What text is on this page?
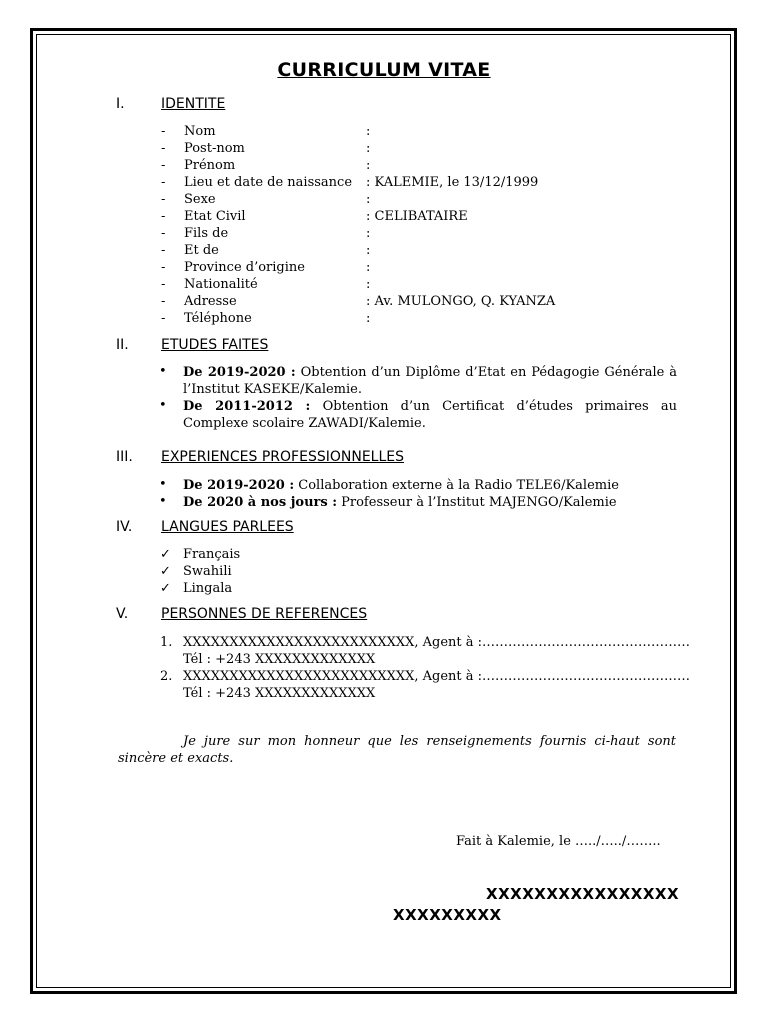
CURRICULUM VITAE
I.	IDENTITE
- Nom	:
- Post-nom	:
- Prénom	:
- Lieu et date de naissance : KALEMIE, le 13/12/1999
- Sexe	:
- Etat Civil	: CELIBATAIRE
- Fils de	:
- Et de	:
- Province d’origine	:
- Nationalité	:
- Adresse	: Av. MULONGO, Q. KYANZA
- Téléphone	:
II. ETUDES FAITES
• De 2019-2020 : Obtention d’un Diplôme d’Etat en Pédagogie Générale à l’Institut KASEKE/Kalemie.
• De 2011-2012 : Obtention d’un Certificat d’études primaires au Complexe scolaire ZAWADI/Kalemie.
III. EXPERIENCES PROFESSIONNELLES
• De 2019-2020 : Collaboration externe à la Radio TELE6/Kalemie
• De 2020 à nos jours : Professeur à l’Institut MAJENGO/Kalemie
IV. LANGUES PARLEES
✓ Français
✓ Swahili
✓ Lingala
V. PERSONNES DE REFERENCES
1. XXXXXXXXXXXXXXXXXXXXXXXXX, Agent à :…………………………………………
Tél : +243 XXXXXXXXXXXXX
2. XXXXXXXXXXXXXXXXXXXXXXXXX, Agent à :…………………………………………
Tél : +243 XXXXXXXXXXXXX
Je jure sur mon honneur que les renseignements fournis ci-haut sont sincère et exacts.
Fait à Kalemie, le …../…../……..
XXXXXXXXXXXXXXXX
XXXXXXXXX
